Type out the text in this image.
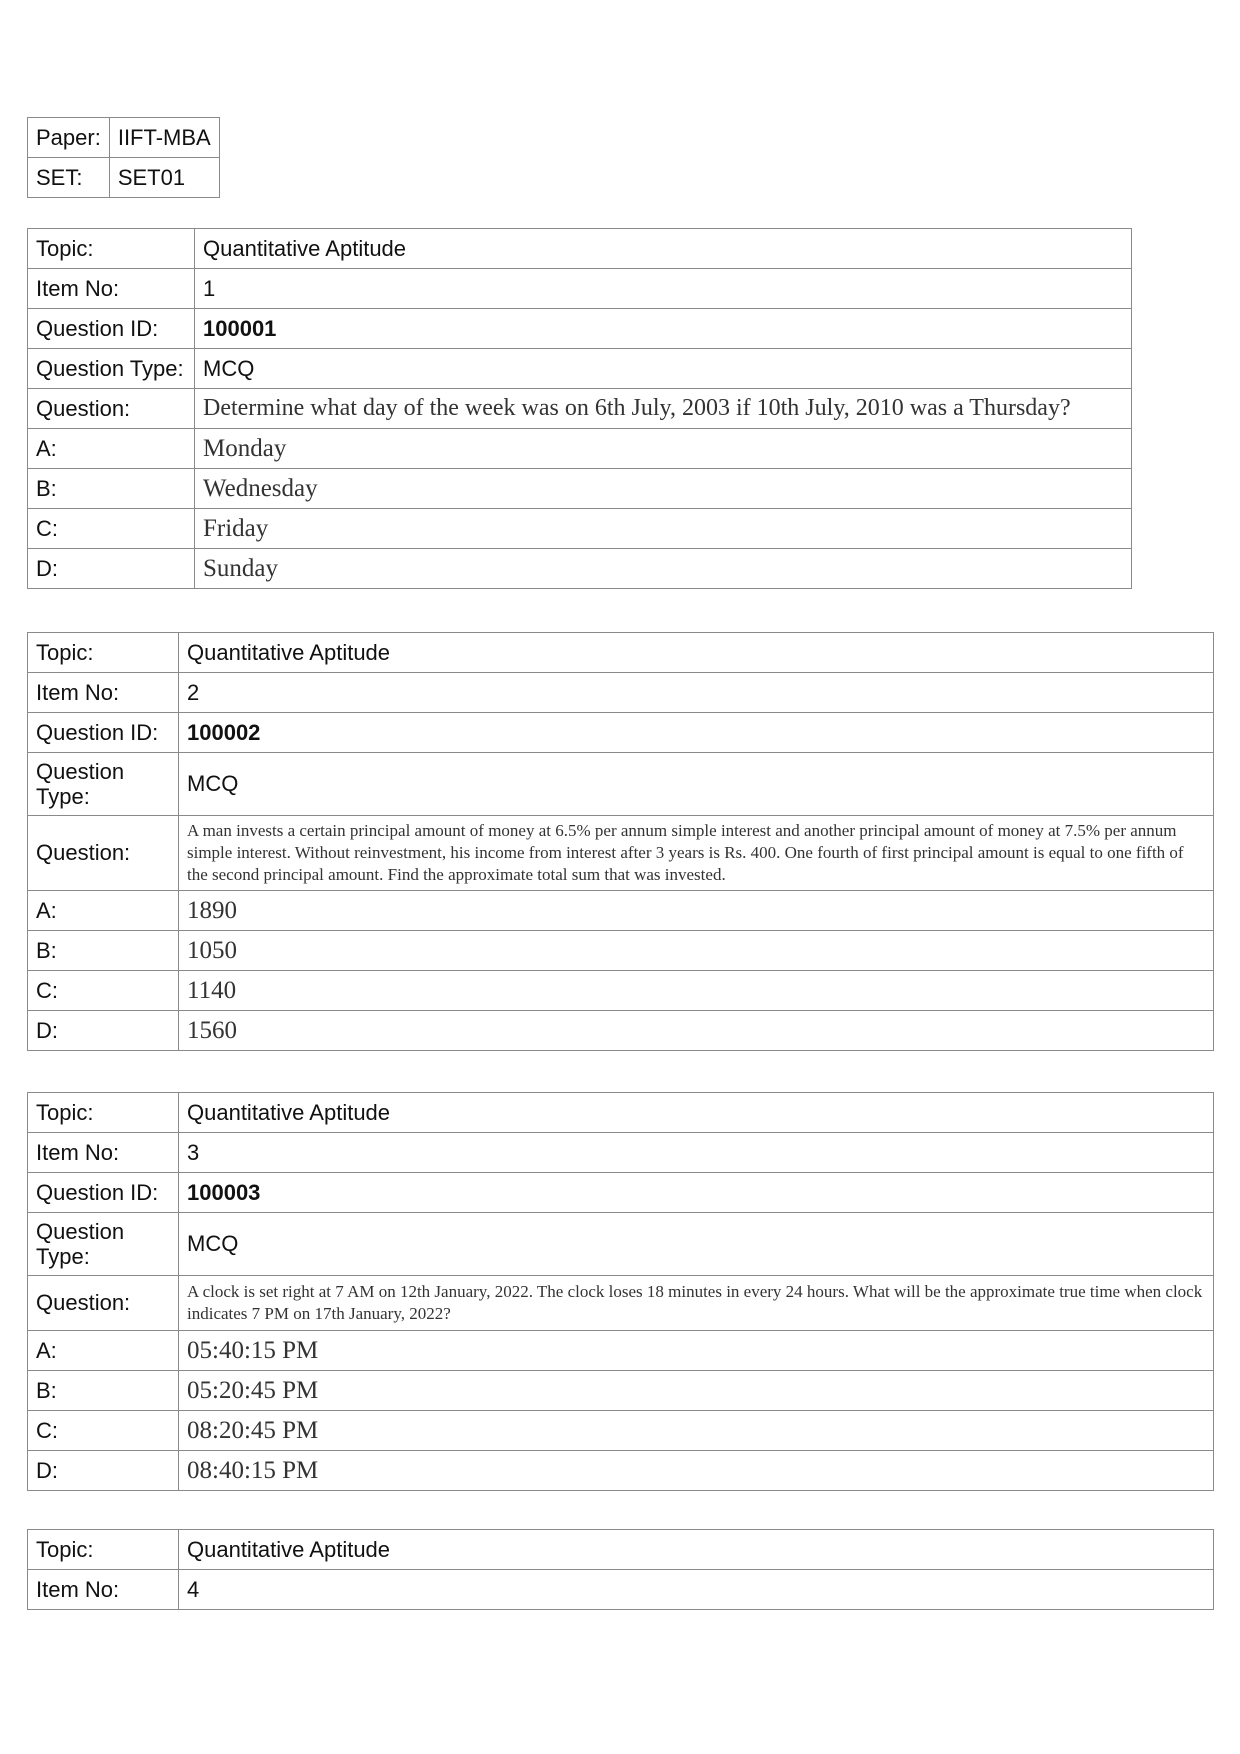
Paper:	IIFT-MBA
SET:	SET01
Topic:	Quantitative Aptitude
Item No:	1
Question ID:	100001
Question Type:	MCQ
Question:	Determine what day of the week was on 6th July, 2003 if 10th July, 2010 was a Thursday?
A:	Monday
B:	Wednesday
C:	Friday
D:	Sunday
Topic:	Quantitative Aptitude
Item No:	2
Question ID:	100002
Question Type:	MCQ
Question:	A man invests a certain principal amount of money at 6.5% per annum simple interest and another principal amount of money at 7.5% per annum simple interest. Without reinvestment, his income from interest after 3 years is Rs. 400. One fourth of first principal amount is equal to one fifth of the second principal amount. Find the approximate total sum that was invested.
A:	1890
B:	1050
C:	1140
D:	1560
Topic:	Quantitative Aptitude
Item No:	3
Question ID:	100003
Question Type:	MCQ
Question:	A clock is set right at 7 AM on 12th January, 2022. The clock loses 18 minutes in every 24 hours. What will be the approximate true time when clock indicates 7 PM on 17th January, 2022?
A:	05:40:15 PM
B:	05:20:45 PM
C:	08:20:45 PM
D:	08:40:15 PM
Topic:	Quantitative Aptitude
Item No:	4
